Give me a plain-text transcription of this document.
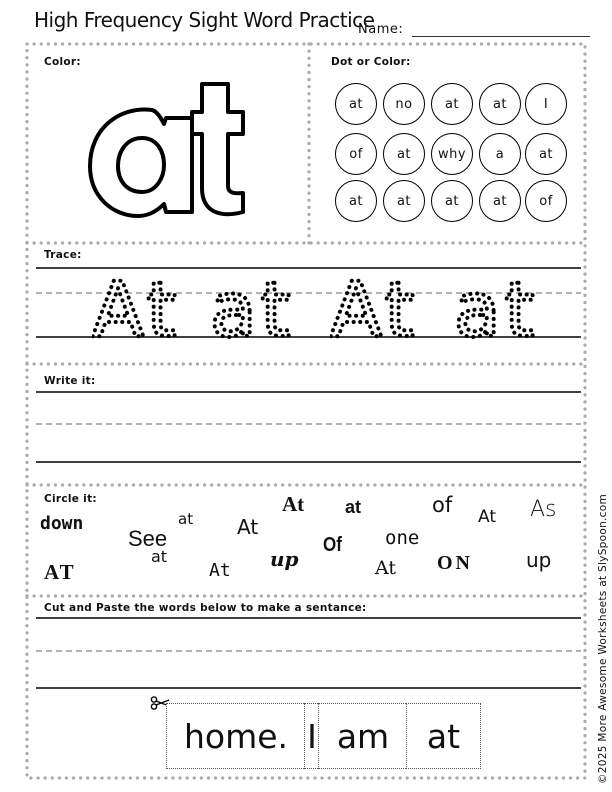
High Frequency Sight Word Practice
Name:
Color:	Dot or Color:
at	no	at	at	I
of	at	why	a	at
at	at	at	at	of
Trace:
At at At at
Write it:
Circle it:
down
See
at At
At at	of At As
at
Of
up
one
At ON	up
AT	At
Cut and Paste the words below to make a sentance:
home. I am	at	©2025 More Awesome Worksheets at SlySpoon.com
